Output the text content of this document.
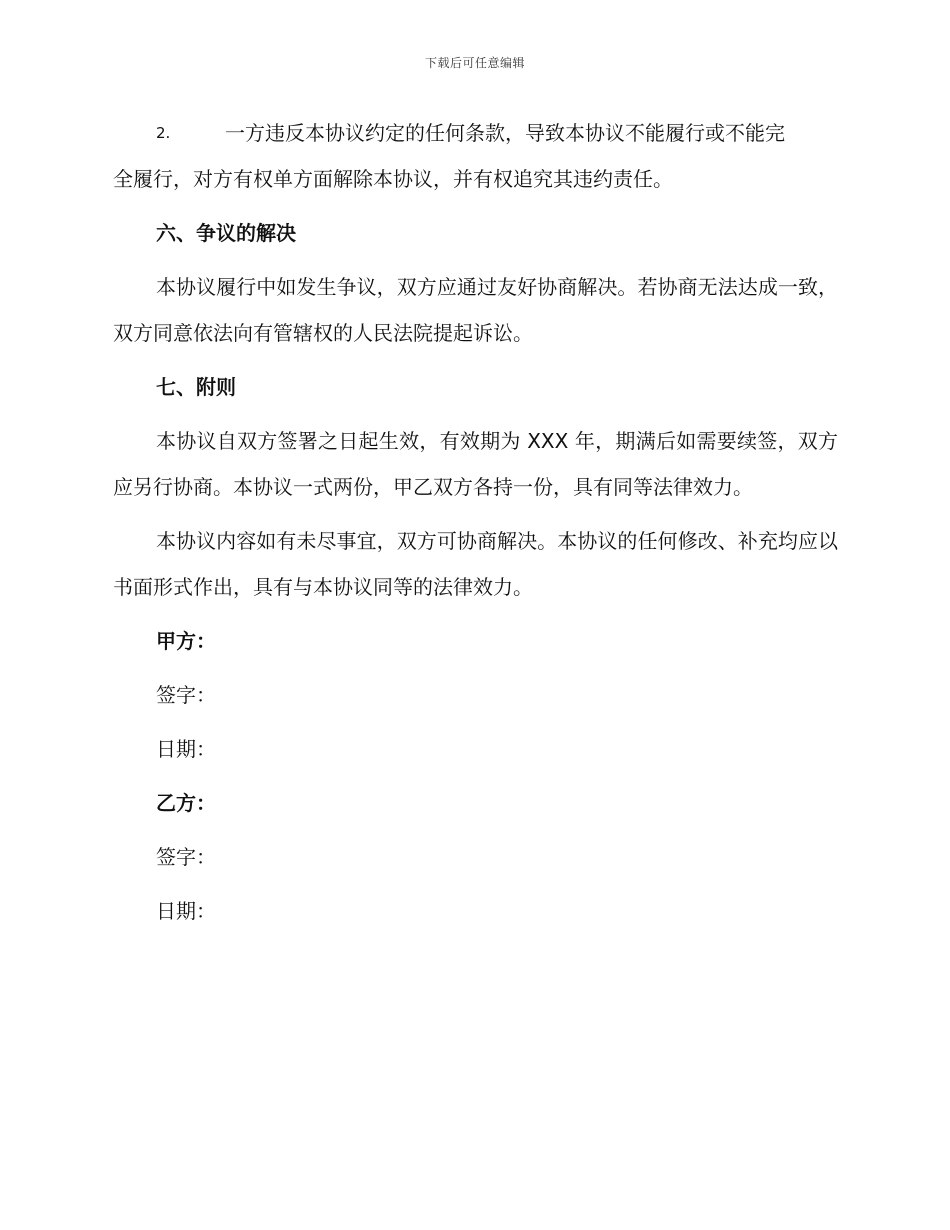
下载后可任意编辑
2.	一方违反本协议约定的任何条款，导致本协议不能履行或不能完

全履行，对方有权单方面解除本协议，并有权追究其违约责任。

六、争议的解决

本协议履行中如发生争议，双方应通过友好协商解决。若协商无法达成一致，双方同意依法向有管辖权的人民法院提起诉讼。

七、附则

本协议自双方签署之日起生效，有效期为 XXX 年，期满后如需要续签，双方应另行协商。本协议一式两份，甲乙双方各持一份，具有同等法律效力。

本协议内容如有未尽事宜，双方可协商解决。本协议的任何修改、补充均应以书面形式作出，具有与本协议同等的法律效力。

甲方：

签字：

日期：

乙方：

签字：

日期：
